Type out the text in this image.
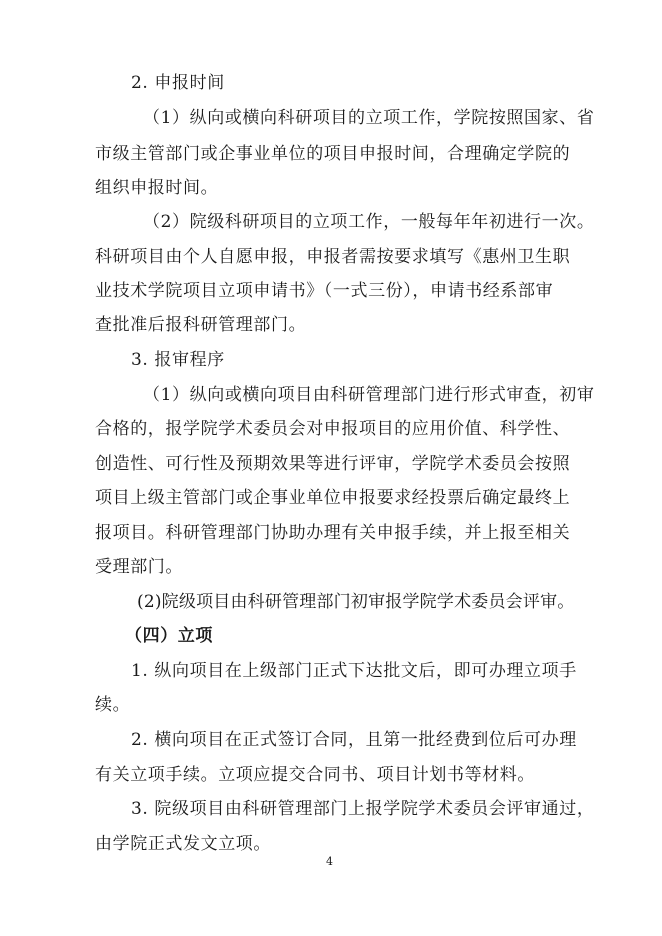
2. 申报时间
（1）纵向或横向科研项目的立项工作，学院按照国家、省
市级主管部门或企事业单位的项目申报时间，合理确定学院的
组织申报时间。
（2）院级科研项目的立项工作，一般每年年初进行一次。
科研项目由个人自愿申报，申报者需按要求填写《惠州卫生职
业技术学院项目立项申请书》（一式三份），申请书经系部审
查批准后报科研管理部门。
3. 报审程序
（1）纵向或横向项目由科研管理部门进行形式审查，初审
合格的，报学院学术委员会对申报项目的应用价值、科学性、
创造性、可行性及预期效果等进行评审，学院学术委员会按照
项目上级主管部门或企事业单位申报要求经投票后确定最终上
报项目。科研管理部门协助办理有关申报手续，并上报至相关
受理部门。
(2)院级项目由科研管理部门初审报学院学术委员会评审。
（四）立项
1. 纵向项目在上级部门正式下达批文后，即可办理立项手
续。
2. 横向项目在正式签订合同，且第一批经费到位后可办理
有关立项手续。立项应提交合同书、项目计划书等材料。
3. 院级项目由科研管理部门上报学院学术委员会评审通过，
由学院正式发文立项。
4
